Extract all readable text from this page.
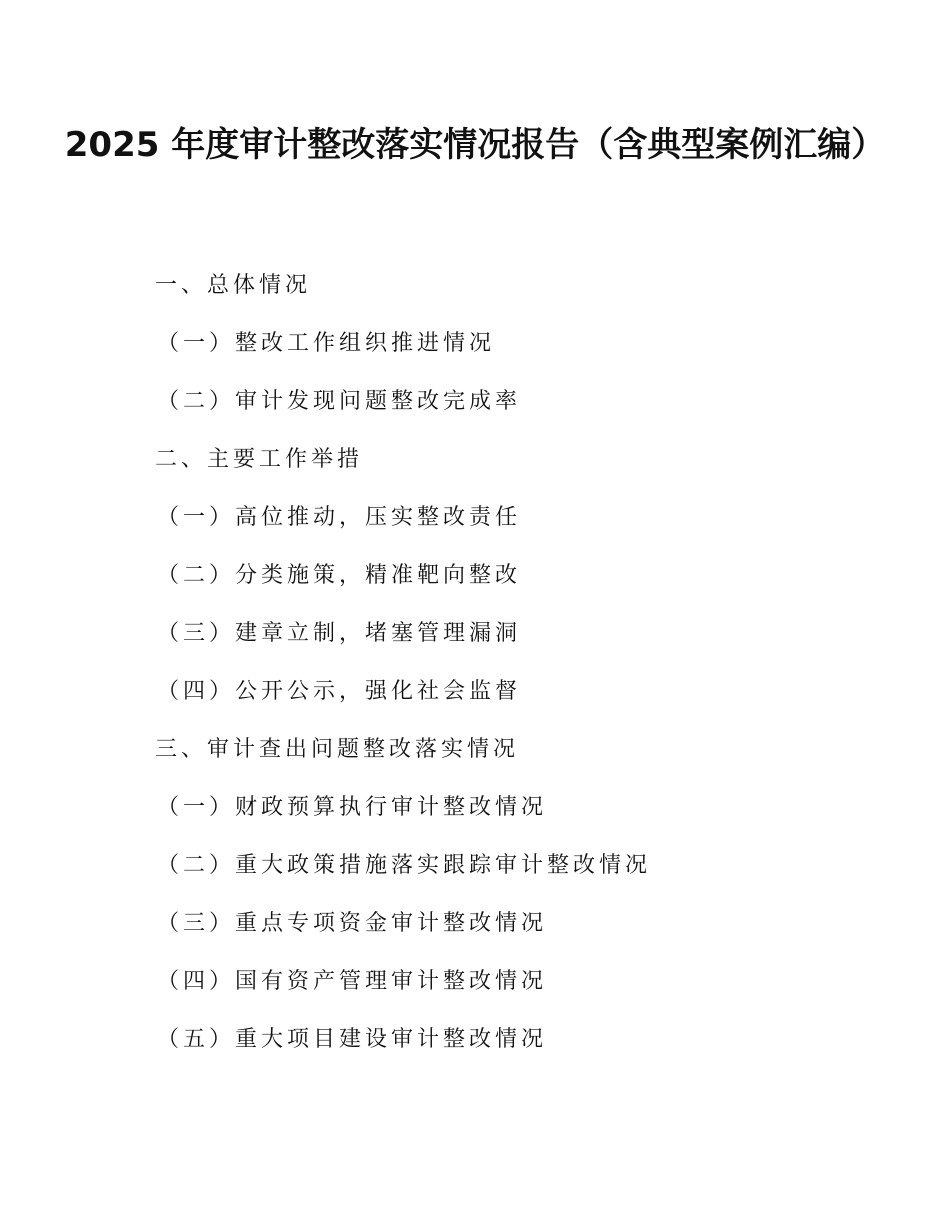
2025 年度审计整改落实情况报告（含典型案例汇编）
一、总体情况
（一）整改工作组织推进情况
（二）审计发现问题整改完成率
二、主要工作举措
（一）高位推动，压实整改责任
（二）分类施策，精准靶向整改
（三）建章立制，堵塞管理漏洞
（四）公开公示，强化社会监督
三、审计查出问题整改落实情况
（一）财政预算执行审计整改情况
（二）重大政策措施落实跟踪审计整改情况
（三）重点专项资金审计整改情况
（四）国有资产管理审计整改情况
（五）重大项目建设审计整改情况
